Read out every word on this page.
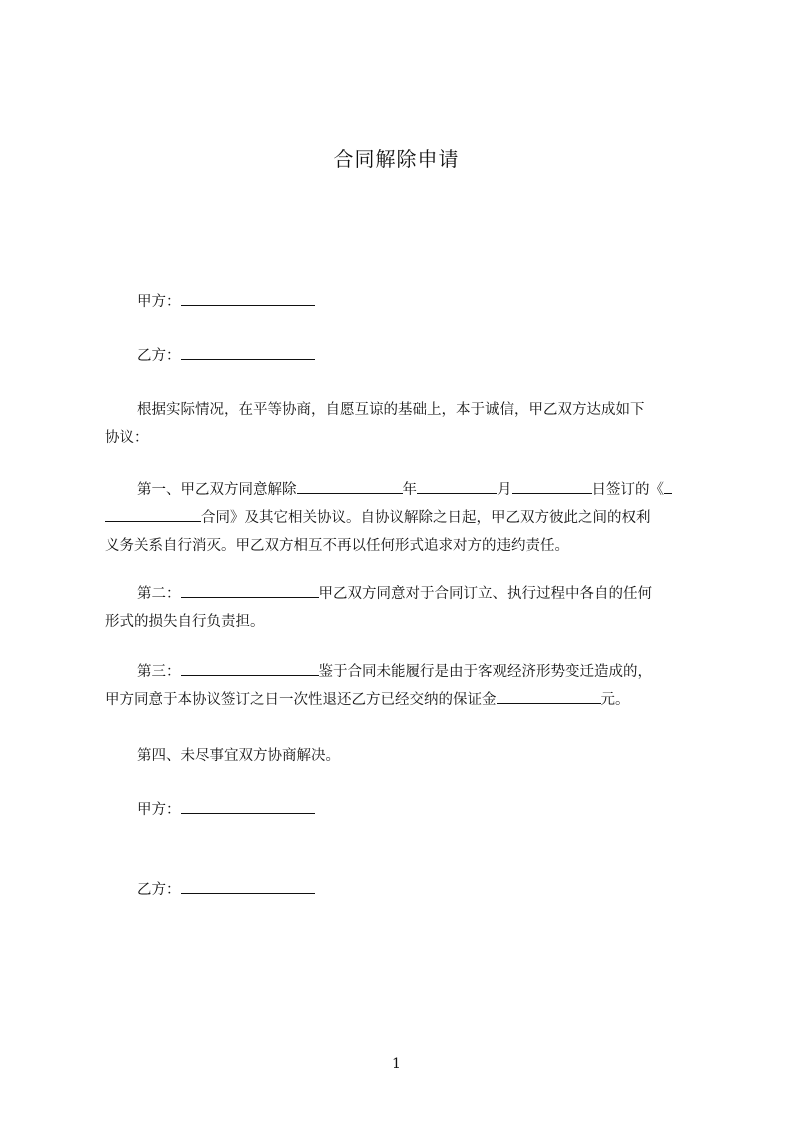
合同解除申请
甲方：
乙方：
根据实际情况，在平等协商，自愿互谅的基础上，本于诚信，甲乙双方达成如下
协议：
第一、甲乙双方同意解除	年	月	日签订的《
合同》及其它相关协议。自协议解除之日起，甲乙双方彼此之间的权利
义务关系自行消灭。甲乙双方相互不再以任何形式追求对方的违约责任。
第二：	甲乙双方同意对于合同订立、执行过程中各自的任何
形式的损失自行负责担。
第三：	鉴于合同未能履行是由于客观经济形势变迁造成的，
甲方同意于本协议签订之日一次性退还乙方已经交纳的保证金	元。
第四、未尽事宜双方协商解决。
甲方：
乙方：
1
